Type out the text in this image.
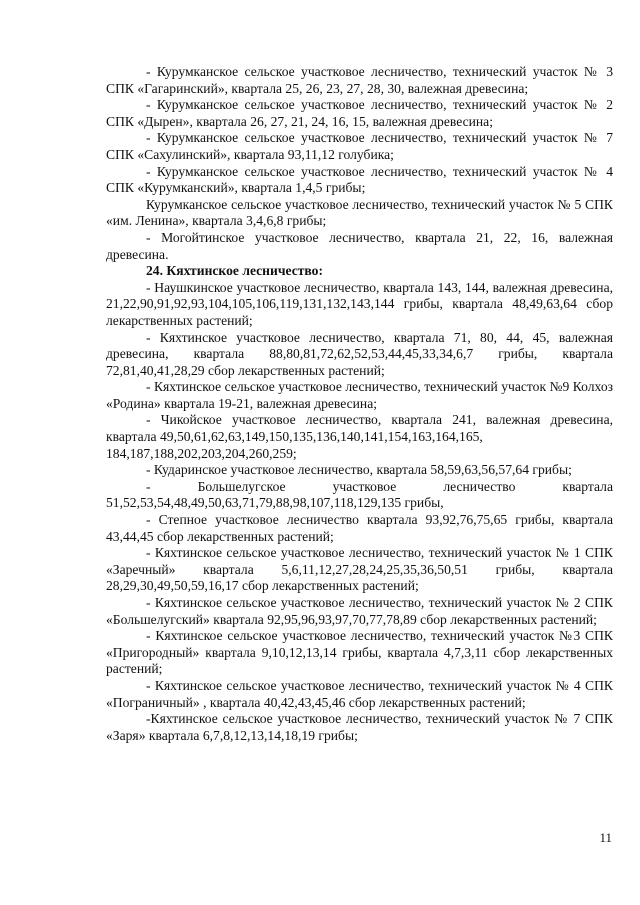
- Курумканское сельское участковое лесничество, технический участок № 3 СПК «Гагаринский», квартала 25, 26, 23, 27, 28, 30, валежная древесина;

- Курумканское сельское участковое лесничество, технический участок № 2 СПК «Дырен», квартала 26, 27, 21, 24, 16, 15, валежная древесина;

- Курумканское сельское участковое лесничество, технический участок № 7 СПК «Сахулинский», квартала 93,11,12 голубика;

- Курумканское сельское участковое лесничество, технический участок № 4 СПК «Курумканский», квартала 1,4,5 грибы;

Курумканское сельское участковое лесничество, технический участок № 5 СПК «им. Ленина», квартала 3,4,6,8 грибы;

- Могойтинское участковое лесничество, квартала 21, 22, 16, валежная древесина.

24. Кяхтинское лесничество:

- Наушкинское участковое лесничество, квартала 143, 144, валежная древесина, 21,22,90,91,92,93,104,105,106,119,131,132,143,144 грибы, квартала 48,49,63,64 сбор лекарственных растений;

- Кяхтинское участковое лесничество, квартала 71, 80, 44, 45, валежная древесина, квартала 88,80,81,72,62,52,53,44,45,33,34,6,7 грибы, квартала 72,81,40,41,28,29 сбор лекарственных растений;

- Кяхтинское сельское участковое лесничество, технический участок №9 Колхоз «Родина» квартала 19-21, валежная древесина;

- Чикойское участковое лесничество, квартала 241, валежная древесина, квартала 49,50,61,62,63,149,150,135,136,140,141,154,163,164,165,
184,187,188,202,203,204,260,259;

- Кударинское участковое лесничество, квартала 58,59,63,56,57,64 грибы;

- Большелугское участковое лесничество квартала 51,52,53,54,48,49,50,63,71,79,88,98,107,118,129,135 грибы,

- Степное участковое лесничество квартала 93,92,76,75,65 грибы, квартала 43,44,45 сбор лекарственных растений;

- Кяхтинское сельское участковое лесничество, технический участок № 1 СПК «Заречный» квартала 5,6,11,12,27,28,24,25,35,36,50,51 грибы, квартала 28,29,30,49,50,59,16,17 сбор лекарственных растений;

- Кяхтинское сельское участковое лесничество, технический участок № 2 СПК «Большелугский» квартала 92,95,96,93,97,70,77,78,89 сбор лекарственных растений;

- Кяхтинское сельское участковое лесничество, технический участок №3 СПК «Пригородный» квартала 9,10,12,13,14 грибы, квартала 4,7,3,11 сбор лекарственных растений;

- Кяхтинское сельское участковое лесничество, технический участок № 4 СПК «Пограничный» , квартала 40,42,43,45,46 сбор лекарственных растений;

-Кяхтинское сельское участковое лесничество, технический участок № 7 СПК «Заря» квартала 6,7,8,12,13,14,18,19 грибы;

11
